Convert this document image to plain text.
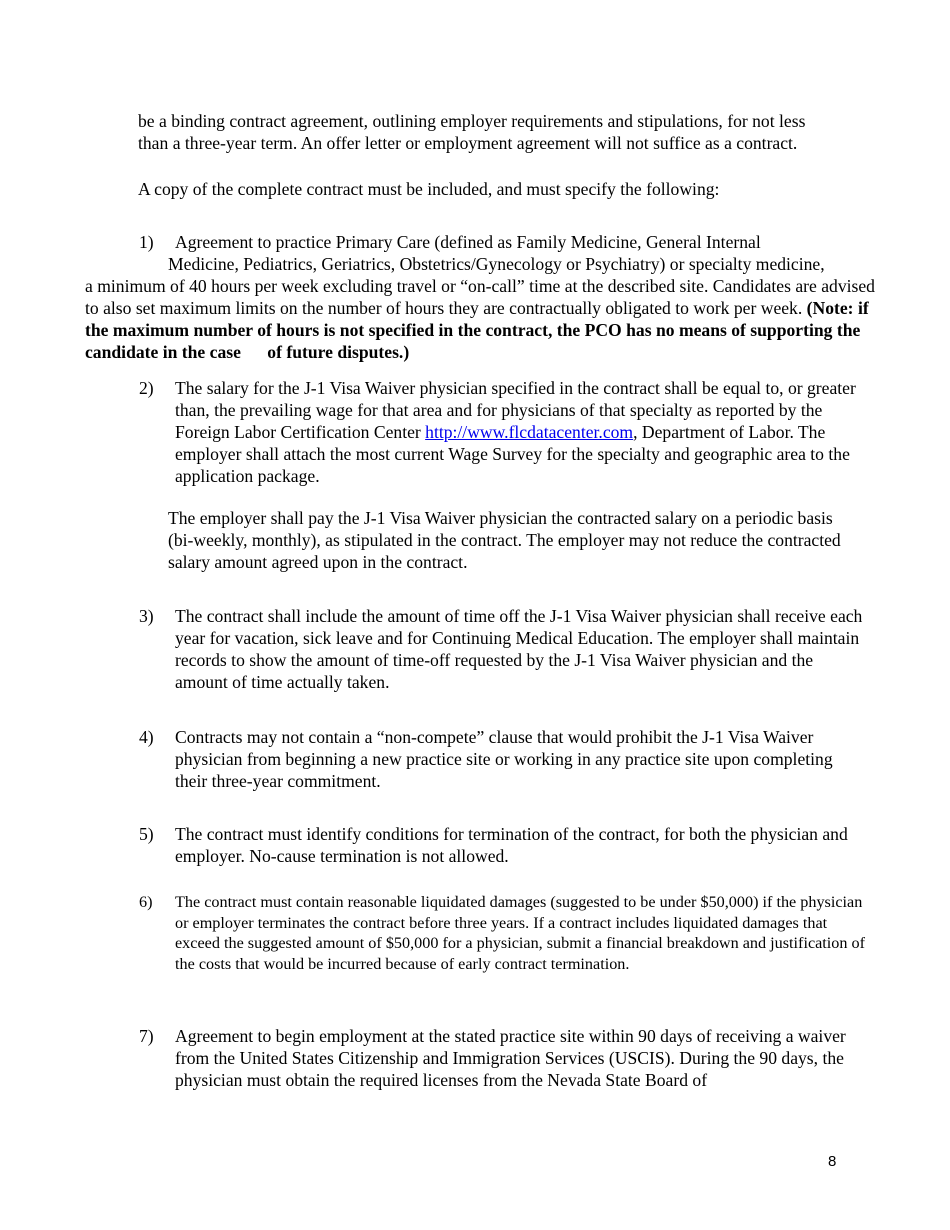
be a binding contract agreement, outlining employer requirements and stipulations, for not less
than a three-year term. An offer letter or employment agreement will not suffice as a contract.

A copy of the complete contract must be included, and must specify the following:

1) Agreement to practice Primary Care (defined as Family Medicine, General Internal
Medicine, Pediatrics, Geriatrics, Obstetrics/Gynecology or Psychiatry) or specialty medicine,

a minimum of 40 hours per week excluding travel or “on-call” time at the described site. Candidates are advised to also set maximum limits on the number of hours they are contractually obligated to work per week. (Note: if the maximum number of hours is not specified in the contract, the PCO has no means of supporting the candidate in the case      of future disputes.)

2) The salary for the J-1 Visa Waiver physician specified in the contract shall be equal to, or greater than, the prevailing wage for that area and for physicians of that specialty as reported by the Foreign Labor Certification Center http://www.flcdatacenter.com, Department of Labor. The employer shall attach the most current Wage Survey for the specialty and geographic area to the application package.

The employer shall pay the J-1 Visa Waiver physician the contracted salary on a periodic basis (bi-weekly, monthly), as stipulated in the contract. The employer may not reduce the contracted salary amount agreed upon in the contract.

3) The contract shall include the amount of time off the J-1 Visa Waiver physician shall receive each year for vacation, sick leave and for Continuing Medical Education. The employer shall maintain records to show the amount of time-off requested by the J-1 Visa Waiver physician and the amount of time actually taken.

4) Contracts may not contain a “non-compete” clause that would prohibit the J-1 Visa Waiver physician from beginning a new practice site or working in any practice site upon completing their three-year commitment.

5) The contract must identify conditions for termination of the contract, for both the physician and employer. No-cause termination is not allowed.

6) The contract must contain reasonable liquidated damages (suggested to be under $50,000) if the physician or employer terminates the contract before three years. If a contract includes liquidated damages that exceed the suggested amount of $50,000 for a physician, submit a financial breakdown and justification of the costs that would be incurred because of early contract termination.

7) Agreement to begin employment at the stated practice site within 90 days of receiving a waiver from the United States Citizenship and Immigration Services (USCIS). During the 90 days, the physician must obtain the required licenses from the Nevada State Board of

8
